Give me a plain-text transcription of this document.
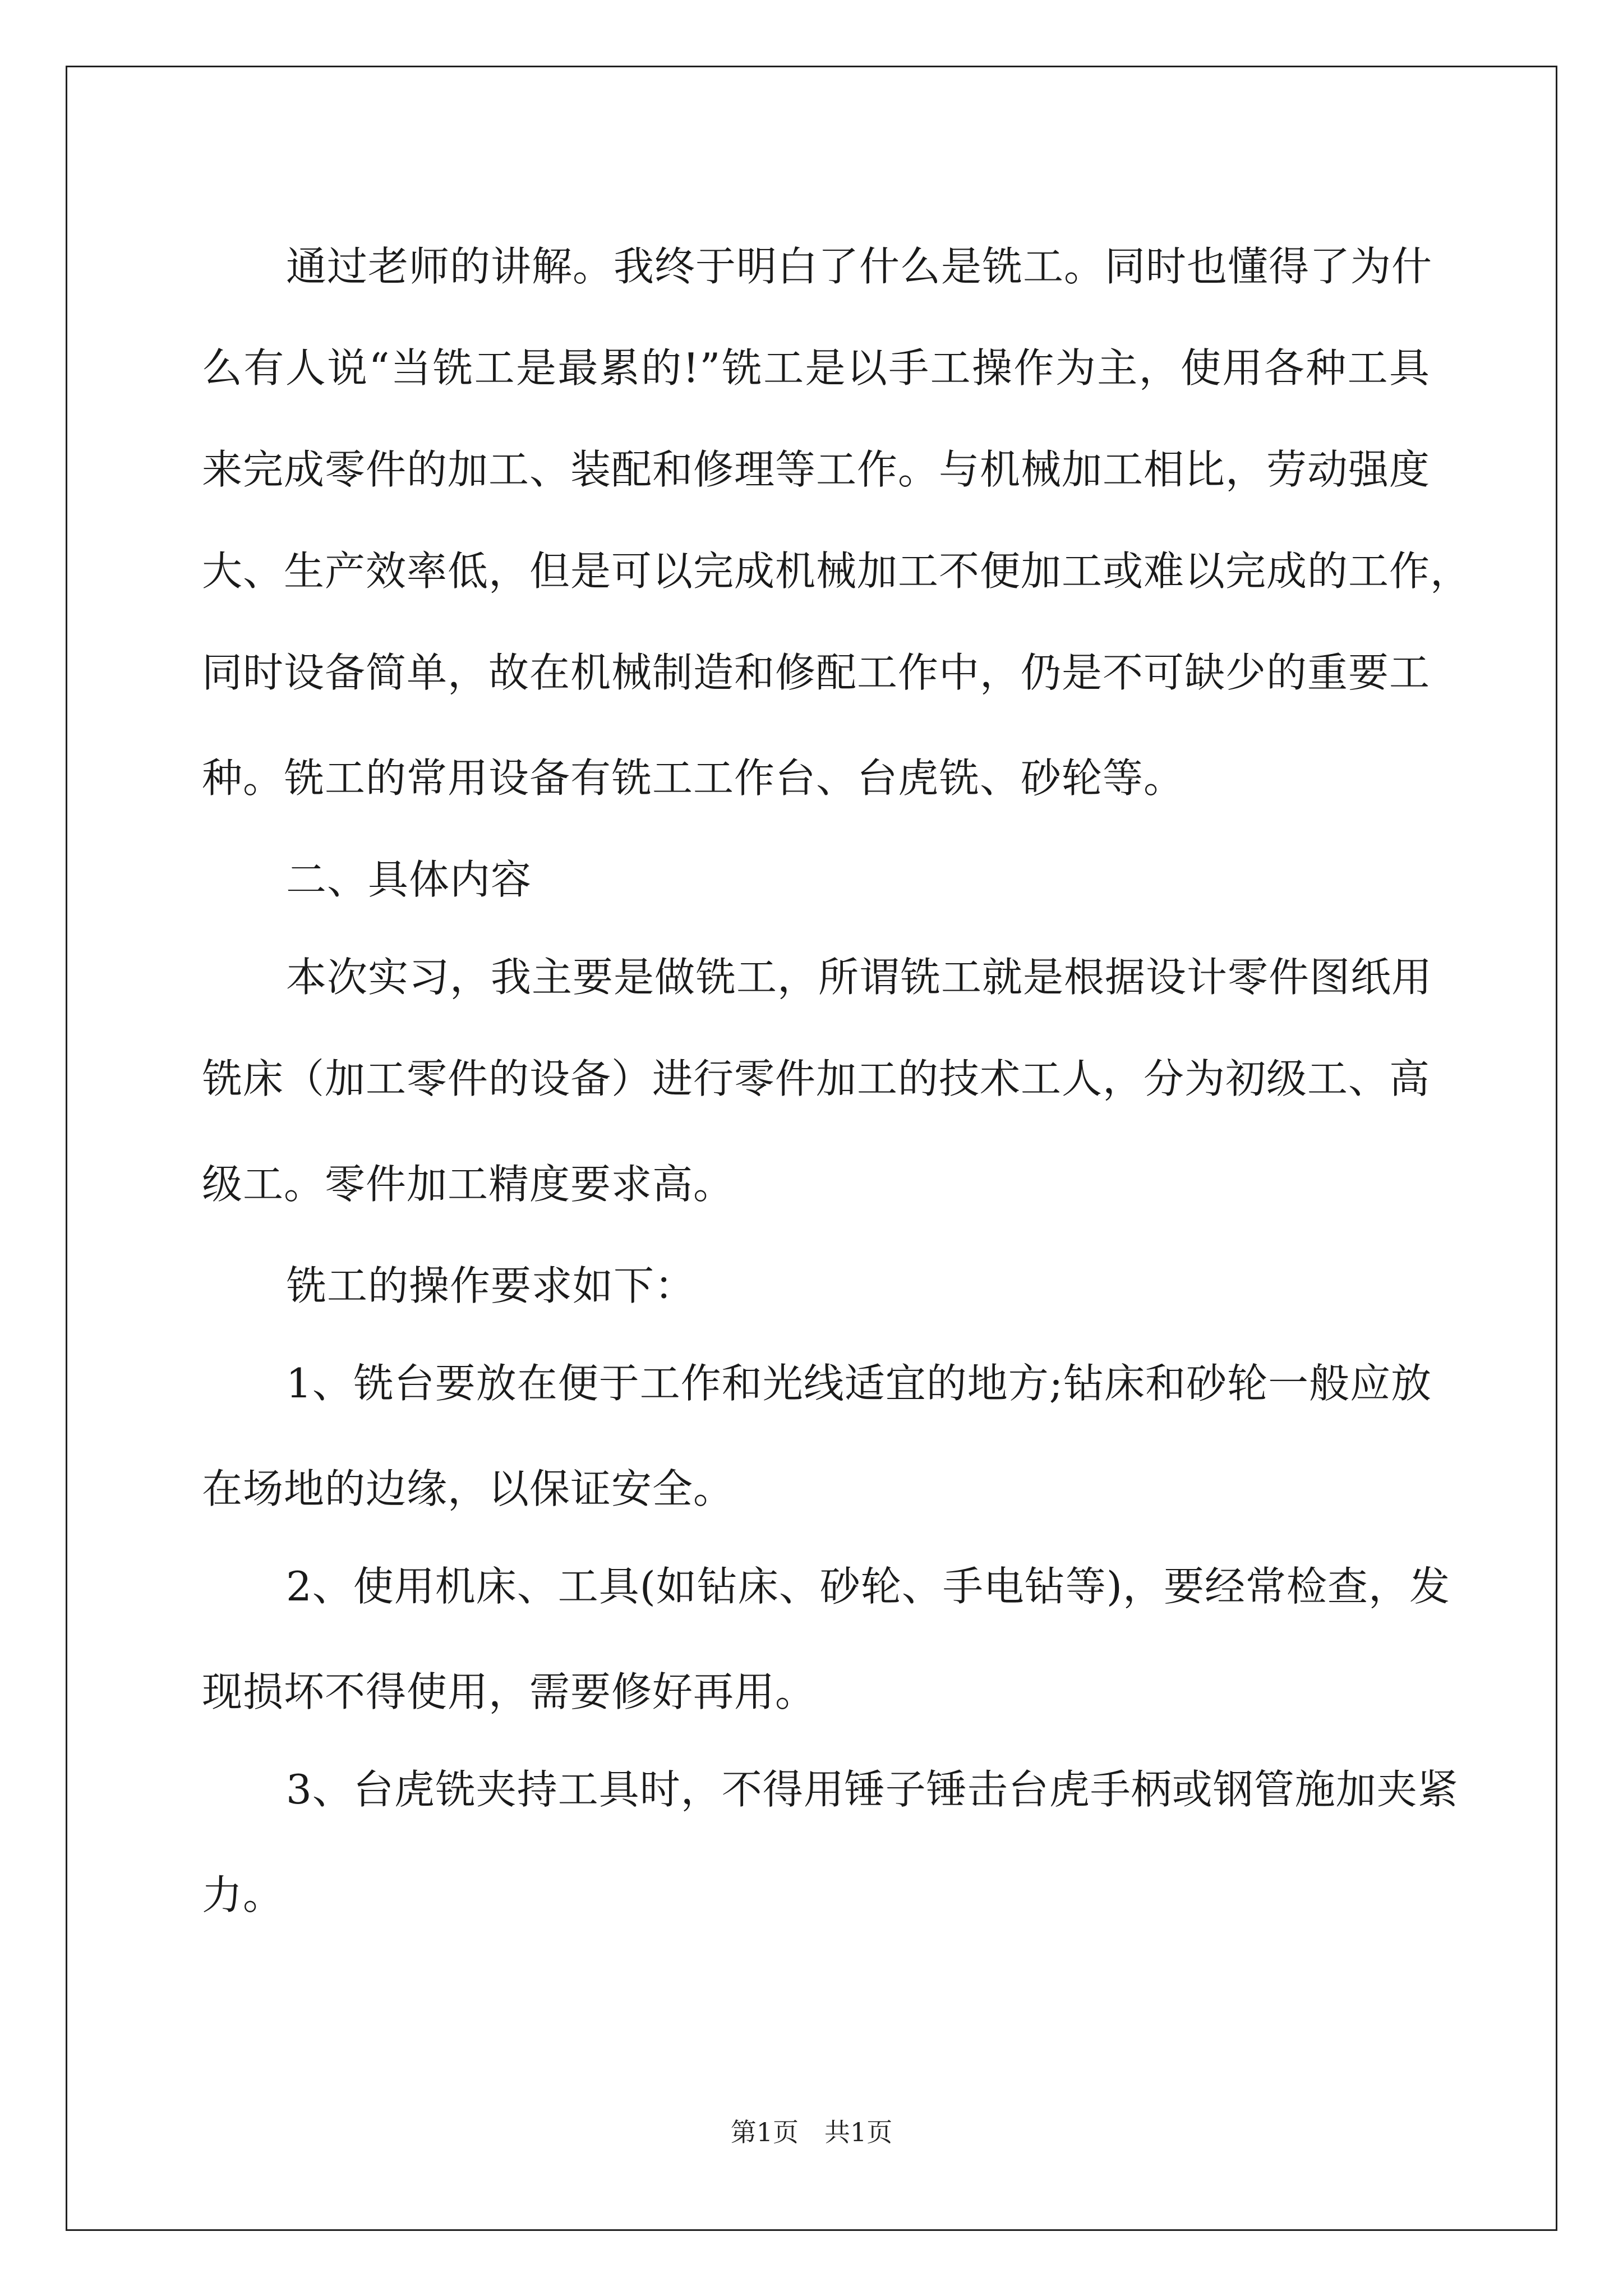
通过老师的讲解。我终于明白了什么是铣工。同时也懂得了为什
么有人说“当铣工是最累的!”铣工是以手工操作为主，使用各种工具
来完成零件的加工、装配和修理等工作。与机械加工相比，劳动强度
大、生产效率低，但是可以完成机械加工不便加工或难以完成的工作，
同时设备简单，故在机械制造和修配工作中，仍是不可缺少的重要工
种。铣工的常用设备有铣工工作台、台虎铣、砂轮等。
二、具体内容
本次实习，我主要是做铣工，所谓铣工就是根据设计零件图纸用
铣床（加工零件的设备）进行零件加工的技术工人，分为初级工、高
级工。零件加工精度要求高。
铣工的操作要求如下：
1、铣台要放在便于工作和光线适宜的地方;钻床和砂轮一般应放
在场地的边缘，以保证安全。
2、使用机床、工具(如钻床、砂轮、手电钻等)，要经常检查，发
现损坏不得使用，需要修好再用。
3、台虎铣夹持工具时，不得用锤子锤击台虎手柄或钢管施加夹紧
力。
第1页　共1页
